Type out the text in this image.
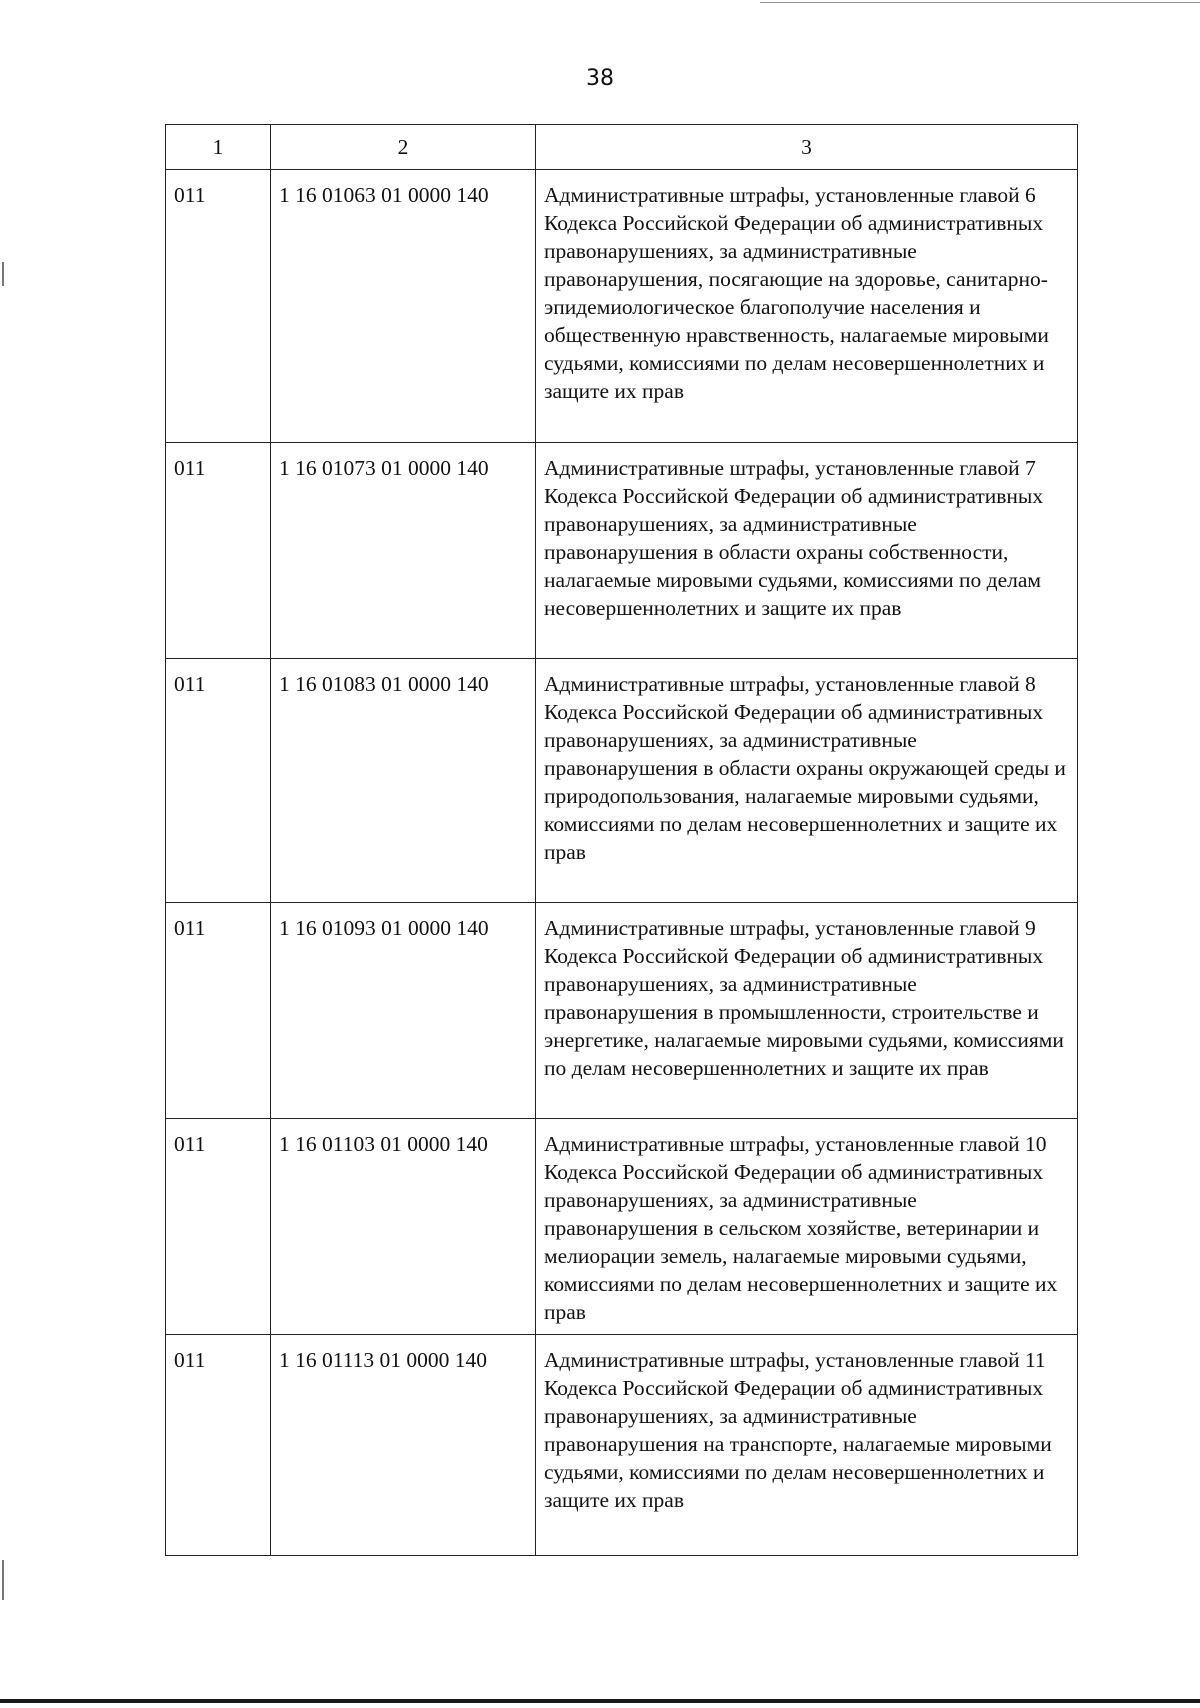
38
1	2	3
011	1 16 01063 01 0000 140	Административные штрафы, установленные главой 6 Кодекса Российской Федерации об административных правонарушениях, за административные правонарушения, посягающие на здоровье, санитарно-эпидемиологическое благополучие населения и общественную нравственность, налагаемые мировыми судьями, комиссиями по делам несовершеннолетних и защите их прав
011	1 16 01073 01 0000 140	Административные штрафы, установленные главой 7 Кодекса Российской Федерации об административных правонарушениях, за административные правонарушения в области охраны собственности, налагаемые мировыми судьями, комиссиями по делам несовершеннолетних и защите их прав
011	1 16 01083 01 0000 140	Административные штрафы, установленные главой 8 Кодекса Российской Федерации об административных правонарушениях, за административные правонарушения в области охраны окружающей среды и природопользования, налагаемые мировыми судьями, комиссиями по делам несовершеннолетних и защите их прав
011	1 16 01093 01 0000 140	Административные штрафы, установленные главой 9 Кодекса Российской Федерации об административных правонарушениях, за административные правонарушения в промышленности, строительстве и энергетике, налагаемые мировыми судьями, комиссиями по делам несовершеннолетних и защите их прав
011	1 16 01103 01 0000 140	Административные штрафы, установленные главой 10 Кодекса Российской Федерации об административных правонарушениях, за административные правонарушения в сельском хозяйстве, ветеринарии и мелиорации земель, налагаемые мировыми судьями, комиссиями по делам несовершеннолетних и защите их прав
011	1 16 01113 01 0000 140	Административные штрафы, установленные главой 11 Кодекса Российской Федерации об административных правонарушениях, за административные правонарушения на транспорте, налагаемые мировыми судьями, комиссиями по делам несовершеннолетних и защите их прав
